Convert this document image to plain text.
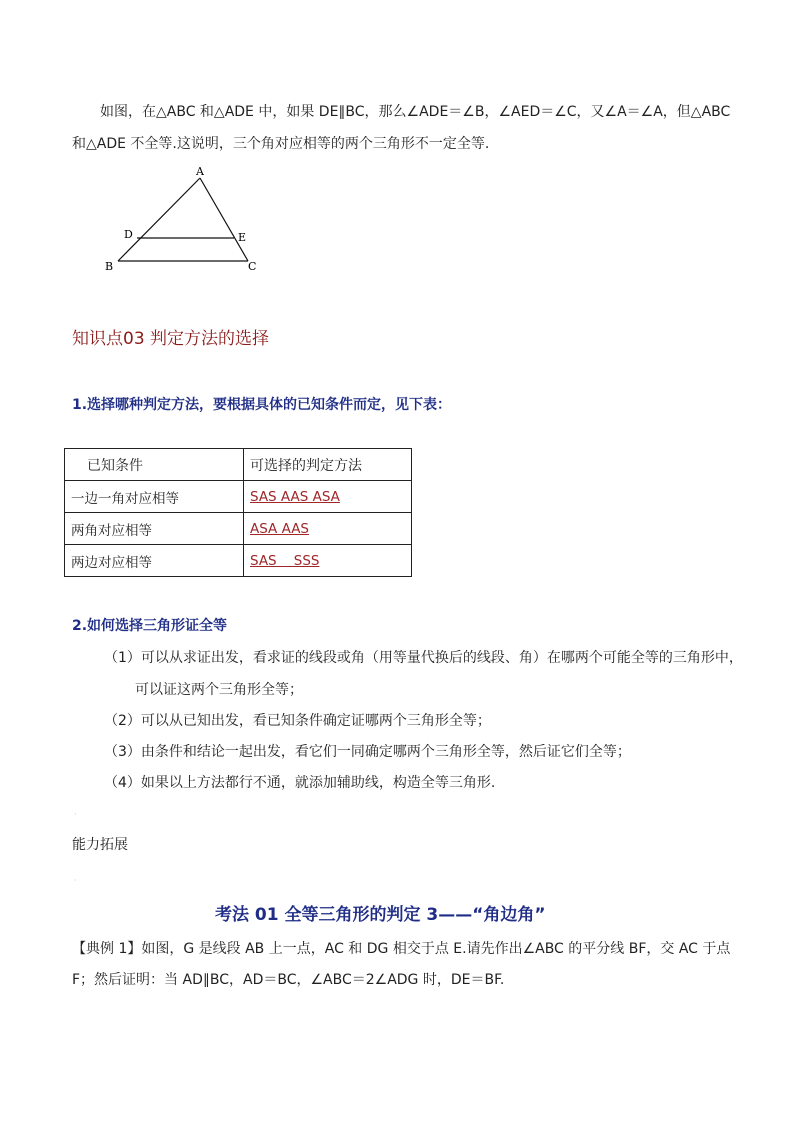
如图，在△ABC 和△ADE 中，如果 DE∥BC，那么∠ADE＝∠B，∠AED＝∠C，又∠A＝∠A，但△ABC
和△ADE 不全等.这说明，三个角对应相等的两个三角形不一定全等.
A
D	E
B	C
知识点03 判定方法的选择
1.选择哪种判定方法，要根据具体的已知条件而定，见下表：
已知条件	可选择的判定方法
一边一角对应相等	SAS AAS ASA
两角对应相等	ASA AAS
两边对应相等	SAS    SSS
2.如何选择三角形证全等
（1）可以从求证出发，看求证的线段或角（用等量代换后的线段、角）在哪两个可能全等的三角形中，
可以证这两个三角形全等；
（2）可以从已知出发，看已知条件确定证哪两个三角形全等；
（3）由条件和结论一起出发，看它们一同确定哪两个三角形全等，然后证它们全等；
（4）如果以上方法都行不通，就添加辅助线，构造全等三角形.
·
能力拓展
·
考法 01 全等三角形的判定 3——“角边角”
【典例 1】如图，G 是线段 AB 上一点，AC 和 DG 相交于点 E.请先作出∠ABC 的平分线 BF，交 AC 于点
F；然后证明：当 AD∥BC，AD＝BC，∠ABC＝2∠ADG 时，DE＝BF.
